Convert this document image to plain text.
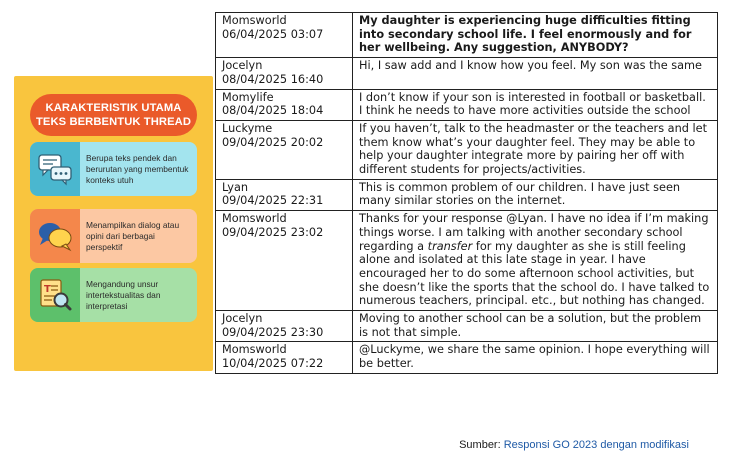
KARAKTERISTIK UTAMA
TEKS BERBENTUK THREAD
Berupa teks pendek dan berurutan yang membentuk konteks utuh
Menampilkan dialog atau opini dari berbagai perspektif
T	Mengandung unsur intertekstualitas dan interpretasi
Momsworld
06/04/2025 03:07	My daughter is experiencing huge difficulties fitting into secondary school life. I feel enormously and for her wellbeing. Any suggestion, ANYBODY?

Jocelyn
08/04/2025 16:40	Hi, I saw add and I know how you feel. My son was the same

Momylife
08/04/2025 18:04	I don’t know if your son is interested in football or basketball. I think he needs to have more activities outside the school

Luckyme
09/04/2025 20:02	If you haven’t, talk to the headmaster or the teachers and let them know what’s your daughter feel. They may be able to help your daughter integrate more by pairing her off with different students for projects/activities.

Lyan
09/04/2025 22:31	This is common problem of our children. I have just seen many similar stories on the internet.

Momsworld
09/04/2025 23:02	Thanks for your response @Lyan. I have no idea if I’m making things worse. I am talking with another secondary school regarding a transfer for my daughter as she is still feeling alone and isolated at this late stage in year. I have encouraged her to do some afternoon school activities, but she doesn’t like the sports that the school do. I have talked to numerous teachers, principal. etc., but nothing has changed.

Jocelyn
09/04/2025 23:30	Moving to another school can be a solution, but the problem is not that simple.

Momsworld
10/04/2025 07:22	@Luckyme, we share the same opinion. I hope everything will be better.
Sumber: Responsi GO 2023 dengan modifikasi
